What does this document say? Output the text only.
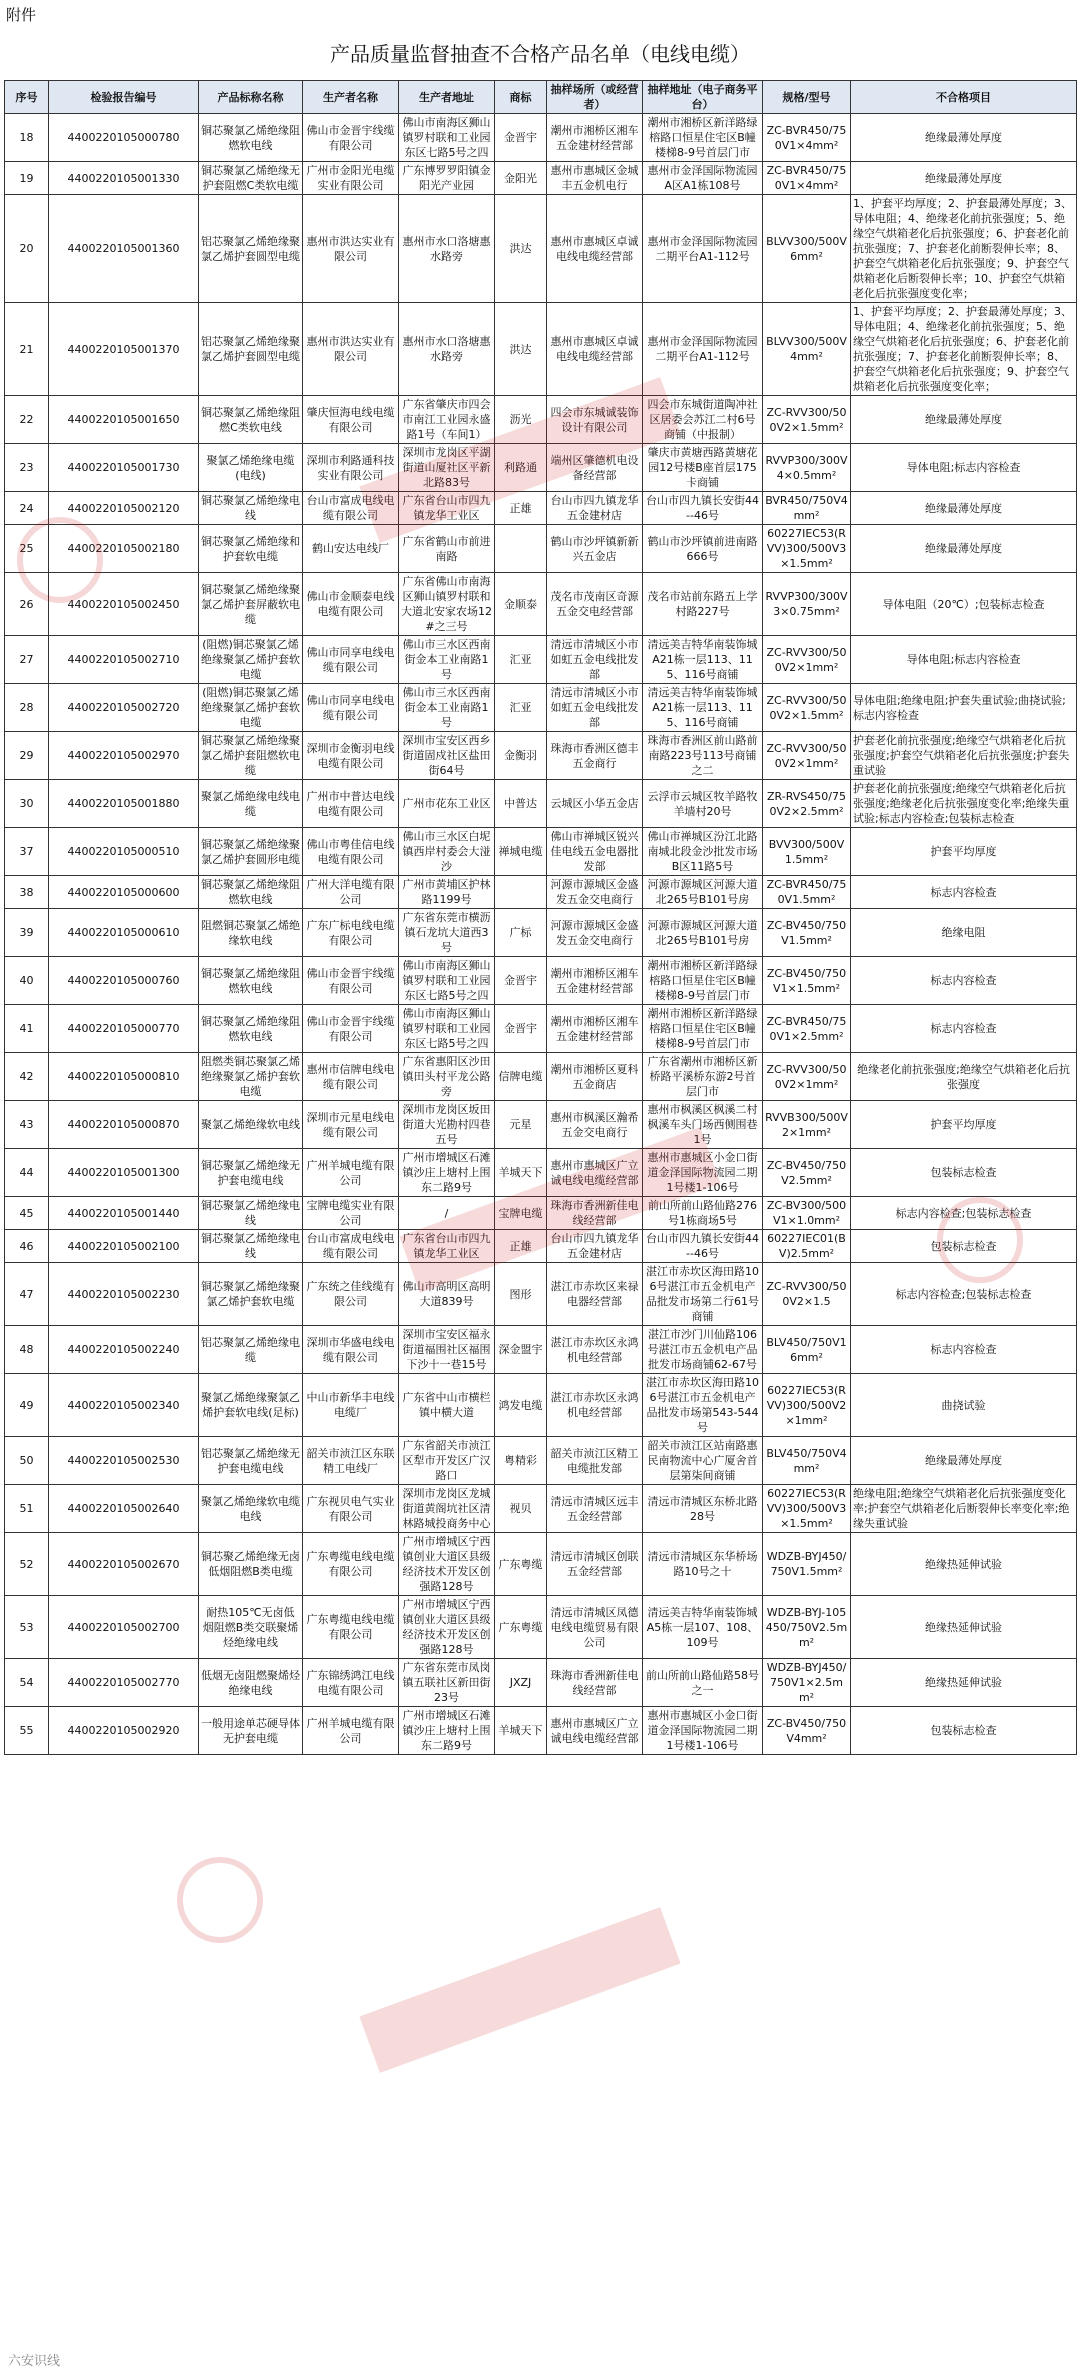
附件
产品质量监督抽查不合格产品名单（电线电缆）
序号	检验报告编号	产品标称名称	生产者名称	生产者地址	商标	抽样场所（或经营者）	抽样地址（电子商务平台）	规格/型号	不合格项目
18	4400220105000780	铜芯聚氯乙烯绝缘阻燃软电线	佛山市金晋宇线缆有限公司	佛山市南海区狮山镇罗村联和工业园东区七路5号之四	金晋宇	潮州市湘桥区湘车五金建材经营部	潮州市湘桥区新洋路绿榕路口恒星住宅区B幢楼梯8-9号首层门市	ZC-BVR450/750V1×4mm²	绝缘最薄处厚度
19	4400220105001330	铜芯聚氯乙烯绝缘无护套阻燃C类软电缆	广州市金阳光电缆实业有限公司	广东博罗罗阳镇金阳光产业园	金阳光	惠州市惠城区金城丰五金机电行	惠州市金泽国际物流园A区A1栋108号	ZC-BVR450/750V1×4mm²	绝缘最薄处厚度
20	4400220105001360	铝芯聚氯乙烯绝缘聚氯乙烯护套圆型电缆	惠州市洪达实业有限公司	惠州市水口洛塘惠水路旁	洪达	惠州市惠城区卓诚电线电缆经营部	惠州市金泽国际物流园二期平台A1-112号	BLVV300/500V6mm²	1、护套平均厚度；2、护套最薄处厚度；3、导体电阻；4、绝缘老化前抗张强度；5、绝缘空气烘箱老化后抗张强度；6、护套老化前抗张强度；7、护套老化前断裂伸长率；8、护套空气烘箱老化后抗张强度；9、护套空气烘箱老化后断裂伸长率；10、护套空气烘箱老化后抗张强度变化率；
21	4400220105001370	铝芯聚氯乙烯绝缘聚氯乙烯护套圆型电缆	惠州市洪达实业有限公司	惠州市水口洛塘惠水路旁	洪达	惠州市惠城区卓诚电线电缆经营部	惠州市金泽国际物流园二期平台A1-112号	BLVV300/500V4mm²	1、护套平均厚度；2、护套最薄处厚度；3、导体电阻；4、绝缘老化前抗张强度；5、绝缘空气烘箱老化后抗张强度；6、护套老化前抗张强度；7、护套老化前断裂伸长率；8、护套空气烘箱老化后抗张强度；9、护套空气烘箱老化后抗张强度变化率；
22	4400220105001650	铜芯聚氯乙烯绝缘阻燃C类软电线	肇庆恒海电线电缆有限公司	广东省肇庆市四会市南江工业园永盛路1号（车间1）	沥光	四会市东城诚装饰设计有限公司	四会市东城街道陶冲社区居委会苏江二村6号商铺（中报制）	ZC-RVV300/500V2×1.5mm²	绝缘最薄处厚度
23	4400220105001730	聚氯乙烯绝缘电缆(电线)	深圳市利路通科技实业有限公司	深圳市龙岗区平湖街道山厦社区平新北路83号	利路通	端州区肇德机电设备经营部	肇庆市黄塘西路黄塘花园12号楼B座首层175卡商铺	RVVP300/300V4×0.5mm²	导体电阻;标志内容检查
24	4400220105002120	铜芯聚氯乙烯绝缘电线	台山市富成电线电缆有限公司	广东省台山市四九镇龙华工业区	正雄	台山市四九镇龙华五金建材店	台山市四九镇长安街44--46号	BVR450/750V4mm²	绝缘最薄处厚度
25	4400220105002180	铜芯聚氯乙烯绝缘和护套软电缆	鹤山安达电线厂	广东省鹤山市前进南路		鹤山市沙坪镇新新兴五金店	鹤山市沙坪镇前进南路666号	60227IEC53(RVV)300/500V3×1.5mm²	绝缘最薄处厚度
26	4400220105002450	铜芯聚氯乙烯绝缘聚氯乙烯护套屏蔽软电缆	佛山市金顺泰电线电缆有限公司	广东省佛山市南海区狮山镇罗村联和大道北安家农场12#之三号	金顺泰	茂名市茂南区奇源五金交电经营部	茂名市站前东路五上学村路227号	RVVP300/300V3×0.75mm²	导体电阻（20℃）;包装标志检查
27	4400220105002710	(阻燃)铜芯聚氯乙烯绝缘聚氯乙烯护套软电缆	佛山市同享电线电缆有限公司	佛山市三水区西南街金本工业南路1号	汇亚	清远市清城区小市如虹五金电线批发部	清远美吉特华南装饰城A21栋一层113、115、116号商铺	ZC-RVV300/500V2×1mm²	导体电阻;标志内容检查
28	4400220105002720	(阻燃)铜芯聚氯乙烯绝缘聚氯乙烯护套软电缆	佛山市同享电线电缆有限公司	佛山市三水区西南街金本工业南路1号	汇亚	清远市清城区小市如虹五金电线批发部	清远美吉特华南装饰城A21栋一层113、115、116号商铺	ZC-RVV300/500V2×1.5mm²	导体电阻;绝缘电阻;护套失重试验;曲挠试验;标志内容检查
29	4400220105002970	铜芯聚氯乙烯绝缘聚氯乙烯护套阻燃软电缆	深圳市金衡羽电线电缆有限公司	深圳市宝安区西乡街道固戍社区盐田街64号	金衡羽	珠海市香洲区德丰五金商行	珠海市香洲区前山路前南路223号113号商铺之二	ZC-RVV300/500V2×1mm²	护套老化前抗张强度;绝缘空气烘箱老化后抗张强度;护套空气烘箱老化后抗张强度;护套失重试验
30	4400220105001880	聚氯乙烯绝缘电线电缆	广州市中普达电线电缆有限公司	广州市花东工业区	中普达	云城区小华五金店	云浮市云城区牧羊路牧羊墙村20号	ZR-RVS450/750V2×2.5mm²	护套老化前抗张强度;绝缘空气烘箱老化后抗张强度;绝缘老化后抗张强度变化率;绝缘失重试验;标志内容检查;包装标志检查
37	4400220105000510	铜芯聚氯乙烯绝缘聚氯乙烯护套圆形电缆	佛山市粤佳信电线电缆有限公司	佛山市三水区白坭镇西岸村委会大湴沙	禅城电缆	佛山市禅城区锐兴佳电线五金电器批发部	佛山市禅城区汾江北路南城北段金沙批发市场B区11路5号	BVV300/500V1.5mm²	护套平均厚度
38	4400220105000600	铜芯聚氯乙烯绝缘阻燃软电线	广州大洋电缆有限公司	广州市黄埔区护林路1199号		河源市源城区金盛发五金交电商行	河源市源城区河源大道北265号B101号房	ZC-BVR450/750V1.5mm²	标志内容检查
39	4400220105000610	阻燃铜芯聚氯乙烯绝缘软电线	广东广标电线电缆有限公司	广东省东莞市横沥镇石龙坑大道西3号	广标	河源市源城区金盛发五金交电商行	河源市源城区河源大道北265号B101号房	ZC-BV450/750V1.5mm²	绝缘电阻
40	4400220105000760	铜芯聚氯乙烯绝缘阻燃软电线	佛山市金晋宇线缆有限公司	佛山市南海区狮山镇罗村联和工业园东区七路5号之四	金晋宇	潮州市湘桥区湘车五金建材经营部	潮州市湘桥区新洋路绿榕路口恒星住宅区B幢楼梯8-9号首层门市	ZC-BV450/750V1×1.5mm²	标志内容检查
41	4400220105000770	铜芯聚氯乙烯绝缘阻燃软电线	佛山市金晋宇线缆有限公司	佛山市南海区狮山镇罗村联和工业园东区七路5号之四	金晋宇	潮州市湘桥区湘车五金建材经营部	潮州市湘桥区新洋路绿榕路口恒星住宅区B幢楼梯8-9号首层门市	ZC-BVR450/750V1×2.5mm²	标志内容检查
42	4400220105000810	阻燃类铜芯聚氯乙烯绝缘聚氯乙烯护套软电缆	惠州市信牌电线电缆有限公司	广东省惠阳区沙田镇田头村平龙公路旁	信牌电缆	潮州市湘桥区夏科五金商店	广东省潮州市湘桥区新桥路平溪桥东游2号首层门市	ZC-RVV300/500V2×1mm²	绝缘老化前抗张强度;绝缘空气烘箱老化后抗张强度
43	4400220105000870	聚氯乙烯绝缘软电线	深圳市元星电线电缆有限公司	深圳市龙岗区坂田街道大光勘村四巷五号	元星	惠州市枫溪区瀚希五金交电商行	惠州市枫溪区枫溪二村枫溪车头门场西侧围巷1号	RVVB300/500V2×1mm²	护套平均厚度
44	4400220105001300	铜芯聚氯乙烯绝缘无护套电缆电线	广州羊城电缆有限公司	广州市增城区石滩镇沙庄上塘村上围东二路9号	羊城天下	惠州市惠城区广立诚电线电缆经营部	惠州市惠城区小金口街道金泽国际物流园二期1号楼1-106号	ZC-BV450/750V2.5mm²	包装标志检查
45	4400220105001440	铜芯聚氯乙烯绝缘电线	宝牌电缆实业有限公司	/	宝牌电缆	珠海市香洲新佳电线经营部	前山所前山路仙路276号1栋商场5号	ZC-BV300/500V1×1.0mm²	标志内容检查;包装标志检查
46	4400220105002100	铜芯聚氯乙烯绝缘电线	台山市富成电线电缆有限公司	广东省台山市四九镇龙华工业区	正雄	台山市四九镇龙华五金建材店	台山市四九镇长安街44--46号	60227IEC01(BV)2.5mm²	包装标志检查
47	4400220105002230	铜芯聚氯乙烯绝缘聚氯乙烯护套软电缆	广东统之佳线缆有限公司	佛山市高明区高明大道839号	图形	湛江市赤坎区来禄电器经营部	湛江市赤坎区海田路106号湛江市五金机电产品批发市场第二行61号商铺	ZC-RVV300/500V2×1.5	标志内容检查;包装标志检查
48	4400220105002240	铝芯聚氯乙烯绝缘电缆	深圳市华盛电线电缆有限公司	深圳市宝安区福永街道福围社区福围下沙十一巷15号	深金盟宇	湛江市赤坎区永鸿机电经营部	湛江市沙门川仙路106号湛江市五金机电产品批发市场商铺62-67号	BLV450/750V16mm²	标志内容检查
49	4400220105002340	聚氯乙烯绝缘聚氯乙烯护套软电线(足标)	中山市新华丰电线电缆厂	广东省中山市横栏镇中横大道	鸿发电缆	湛江市赤坎区永鸿机电经营部	湛江市赤坎区海田路106号湛江市五金机电产品批发市场第543-544号	60227IEC53(RVV)300/500V2×1mm²	曲挠试验
50	4400220105002530	铝芯聚氯乙烯绝缘无护套电缆电线	韶关市浈江区东联精工电线厂	广东省韶关市浈江区犁市开发区广汉路口	粤精彩	韶关市浈江区精工电缆批发部	韶关市浈江区站南路惠民南物流中心广厦舍首层第柒间商铺	BLV450/750V4mm²	绝缘最薄处厚度
51	4400220105002640	聚氯乙烯绝缘软电缆电线	广东视贝电气实业有限公司	深圳市龙岗区龙城街道黄阁坑社区清林路城投商务中心	视贝	清远市清城区远丰五金经营部	清远市清城区东桥北路28号	60227IEC53(RVV)300/500V3×1.5mm²	绝缘电阻;绝缘空气烘箱老化后抗张强度变化率;护套空气烘箱老化后断裂伸长率变化率;绝缘失重试验
52	4400220105002670	铜芯聚乙烯绝缘无卤低烟阻燃B类电缆	广东粤缆电线电缆有限公司	广州市增城区宁西镇创业大道区县级经济技术开发区创强路128号	广东粤缆	清远市清城区创联五金经营部	清远市清城区东华桥场路10号之十	WDZB-BYJ450/750V1.5mm²	绝缘热延伸试验
53	4400220105002700	耐热105℃无卤低烟阻燃B类交联聚烯烃绝缘电线	广东粤缆电线电缆有限公司	广州市增城区宁西镇创业大道区县级经济技术开发区创强路128号	广东粤缆	清远市清城区凤德电线电缆贸易有限公司	清远美吉特华南装饰城A5栋一层107、108、109号	WDZB-BYJ-105450/750V2.5mm²	绝缘热延伸试验
54	4400220105002770	低烟无卤阻燃聚烯烃绝缘电线	广东锦绣鸿江电线电缆有限公司	广东省东莞市凤岗镇五联社区新田街23号	JXZJ	珠海市香洲新佳电线经营部	前山所前山路仙路58号之一	WDZB-BYJ450/750V1×2.5mm²	绝缘热延伸试验
55	4400220105002920	一般用途单芯硬导体无护套电缆	广州羊城电缆有限公司	广州市增城区石滩镇沙庄上塘村上围东二路9号	羊城天下	惠州市惠城区广立诚电线电缆经营部	惠州市惠城区小金口街道金泽国际物流园二期1号楼1-106号	ZC-BV450/750V4mm²	包装标志检查
六安识线
